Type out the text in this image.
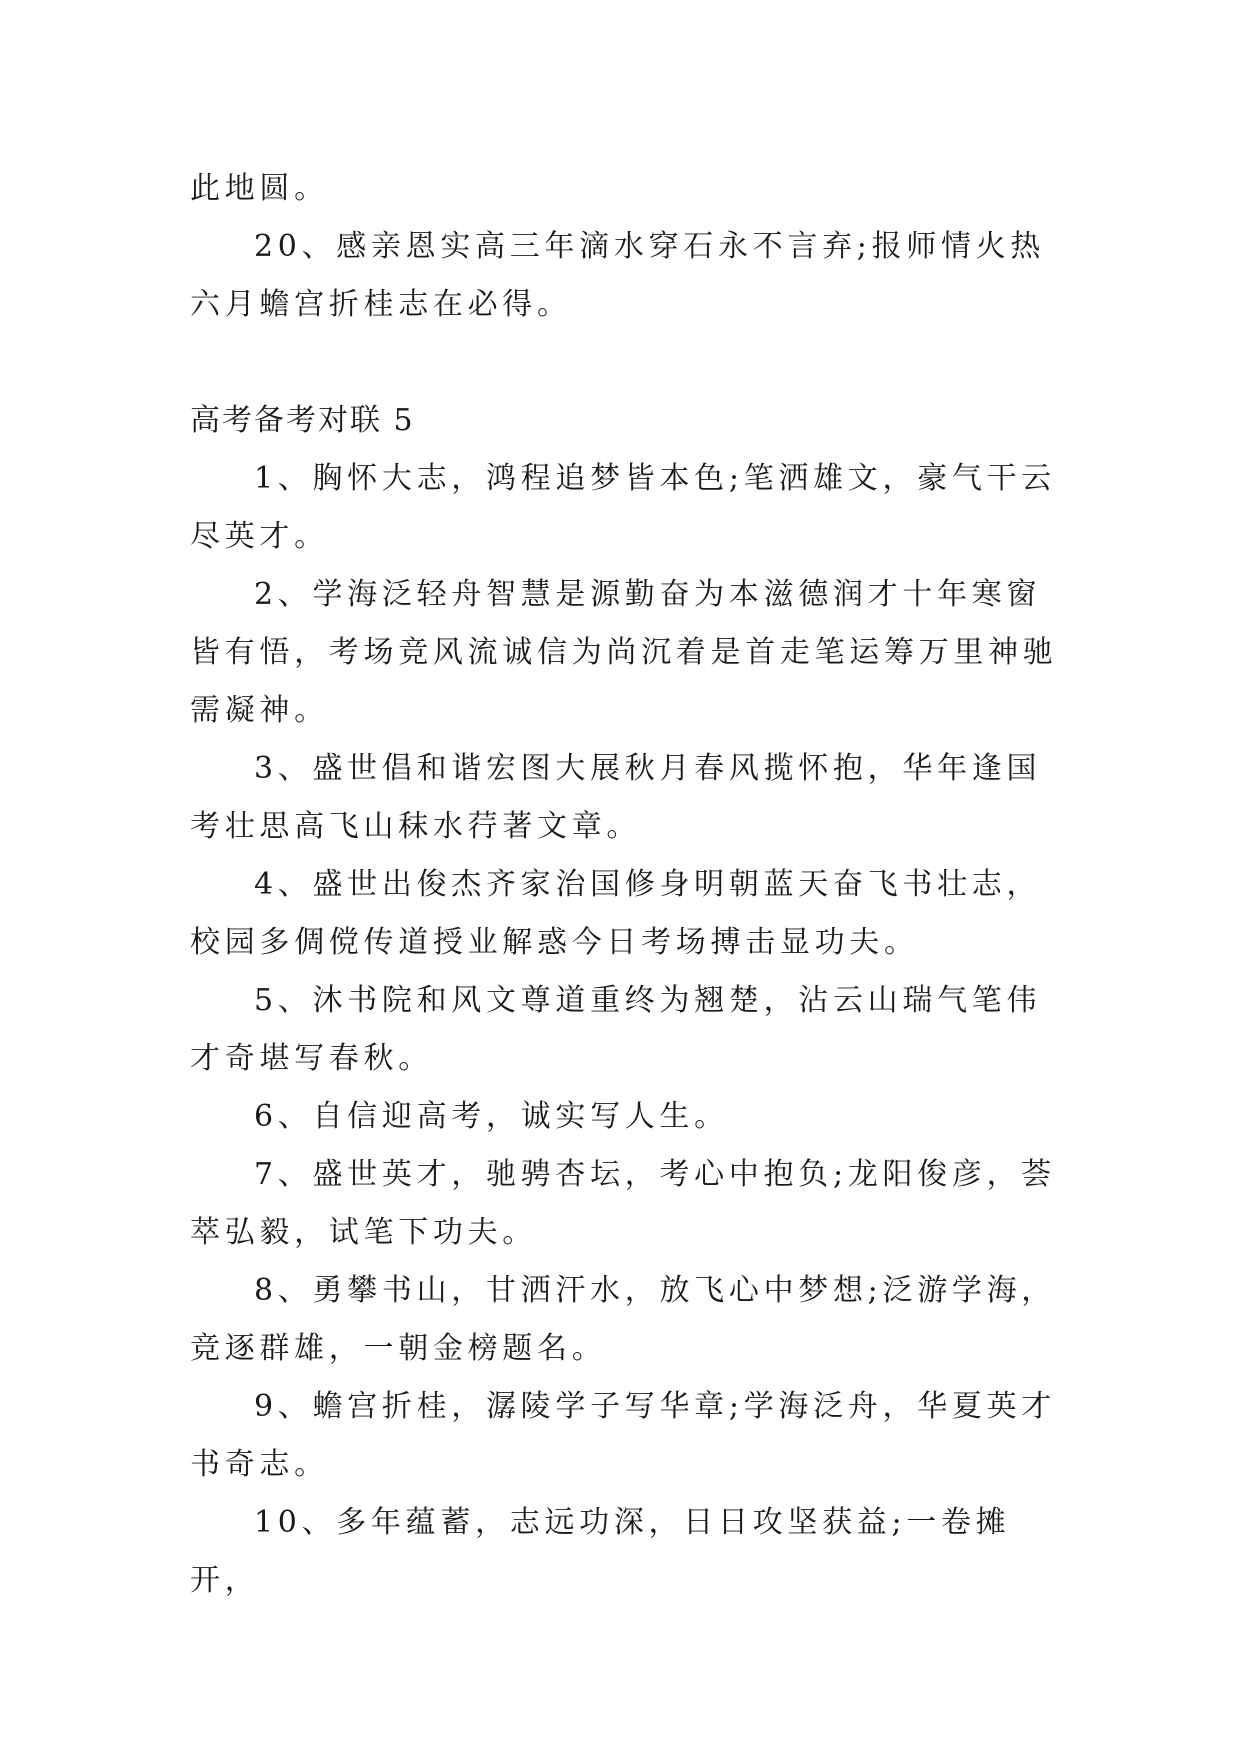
此地圆。

20、感亲恩实高三年滴水穿石永不言弃;报师情火热六月蟾宫折桂志在必得。

高考备考对联 5

1、胸怀大志，鸿程追梦皆本色;笔洒雄文，豪气干云尽英才。

2、学海泛轻舟智慧是源勤奋为本滋德润才十年寒窗皆有悟，考场竞风流诚信为尚沉着是首走笔运筹万里神驰需凝神。

3、盛世倡和谐宏图大展秋月春风揽怀抱，华年逢国考壮思高飞山秣水荇著文章。

4、盛世出俊杰齐家治国修身明朝蓝天奋飞书壮志，校园多倜傥传道授业解惑今日考场搏击显功夫。

5、沐书院和风文尊道重终为翘楚，沾云山瑞气笔伟才奇堪写春秋。

6、自信迎高考，诚实写人生。

7、盛世英才，驰骋杏坛，考心中抱负;龙阳俊彦，荟萃弘毅，试笔下功夫。

8、勇攀书山，甘洒汗水，放飞心中梦想;泛游学海，竞逐群雄，一朝金榜题名。

9、蟾宫折桂，潺陵学子写华章;学海泛舟，华夏英才书奇志。

10、多年蕴蓄，志远功深，日日攻坚获益;一卷摊开，
